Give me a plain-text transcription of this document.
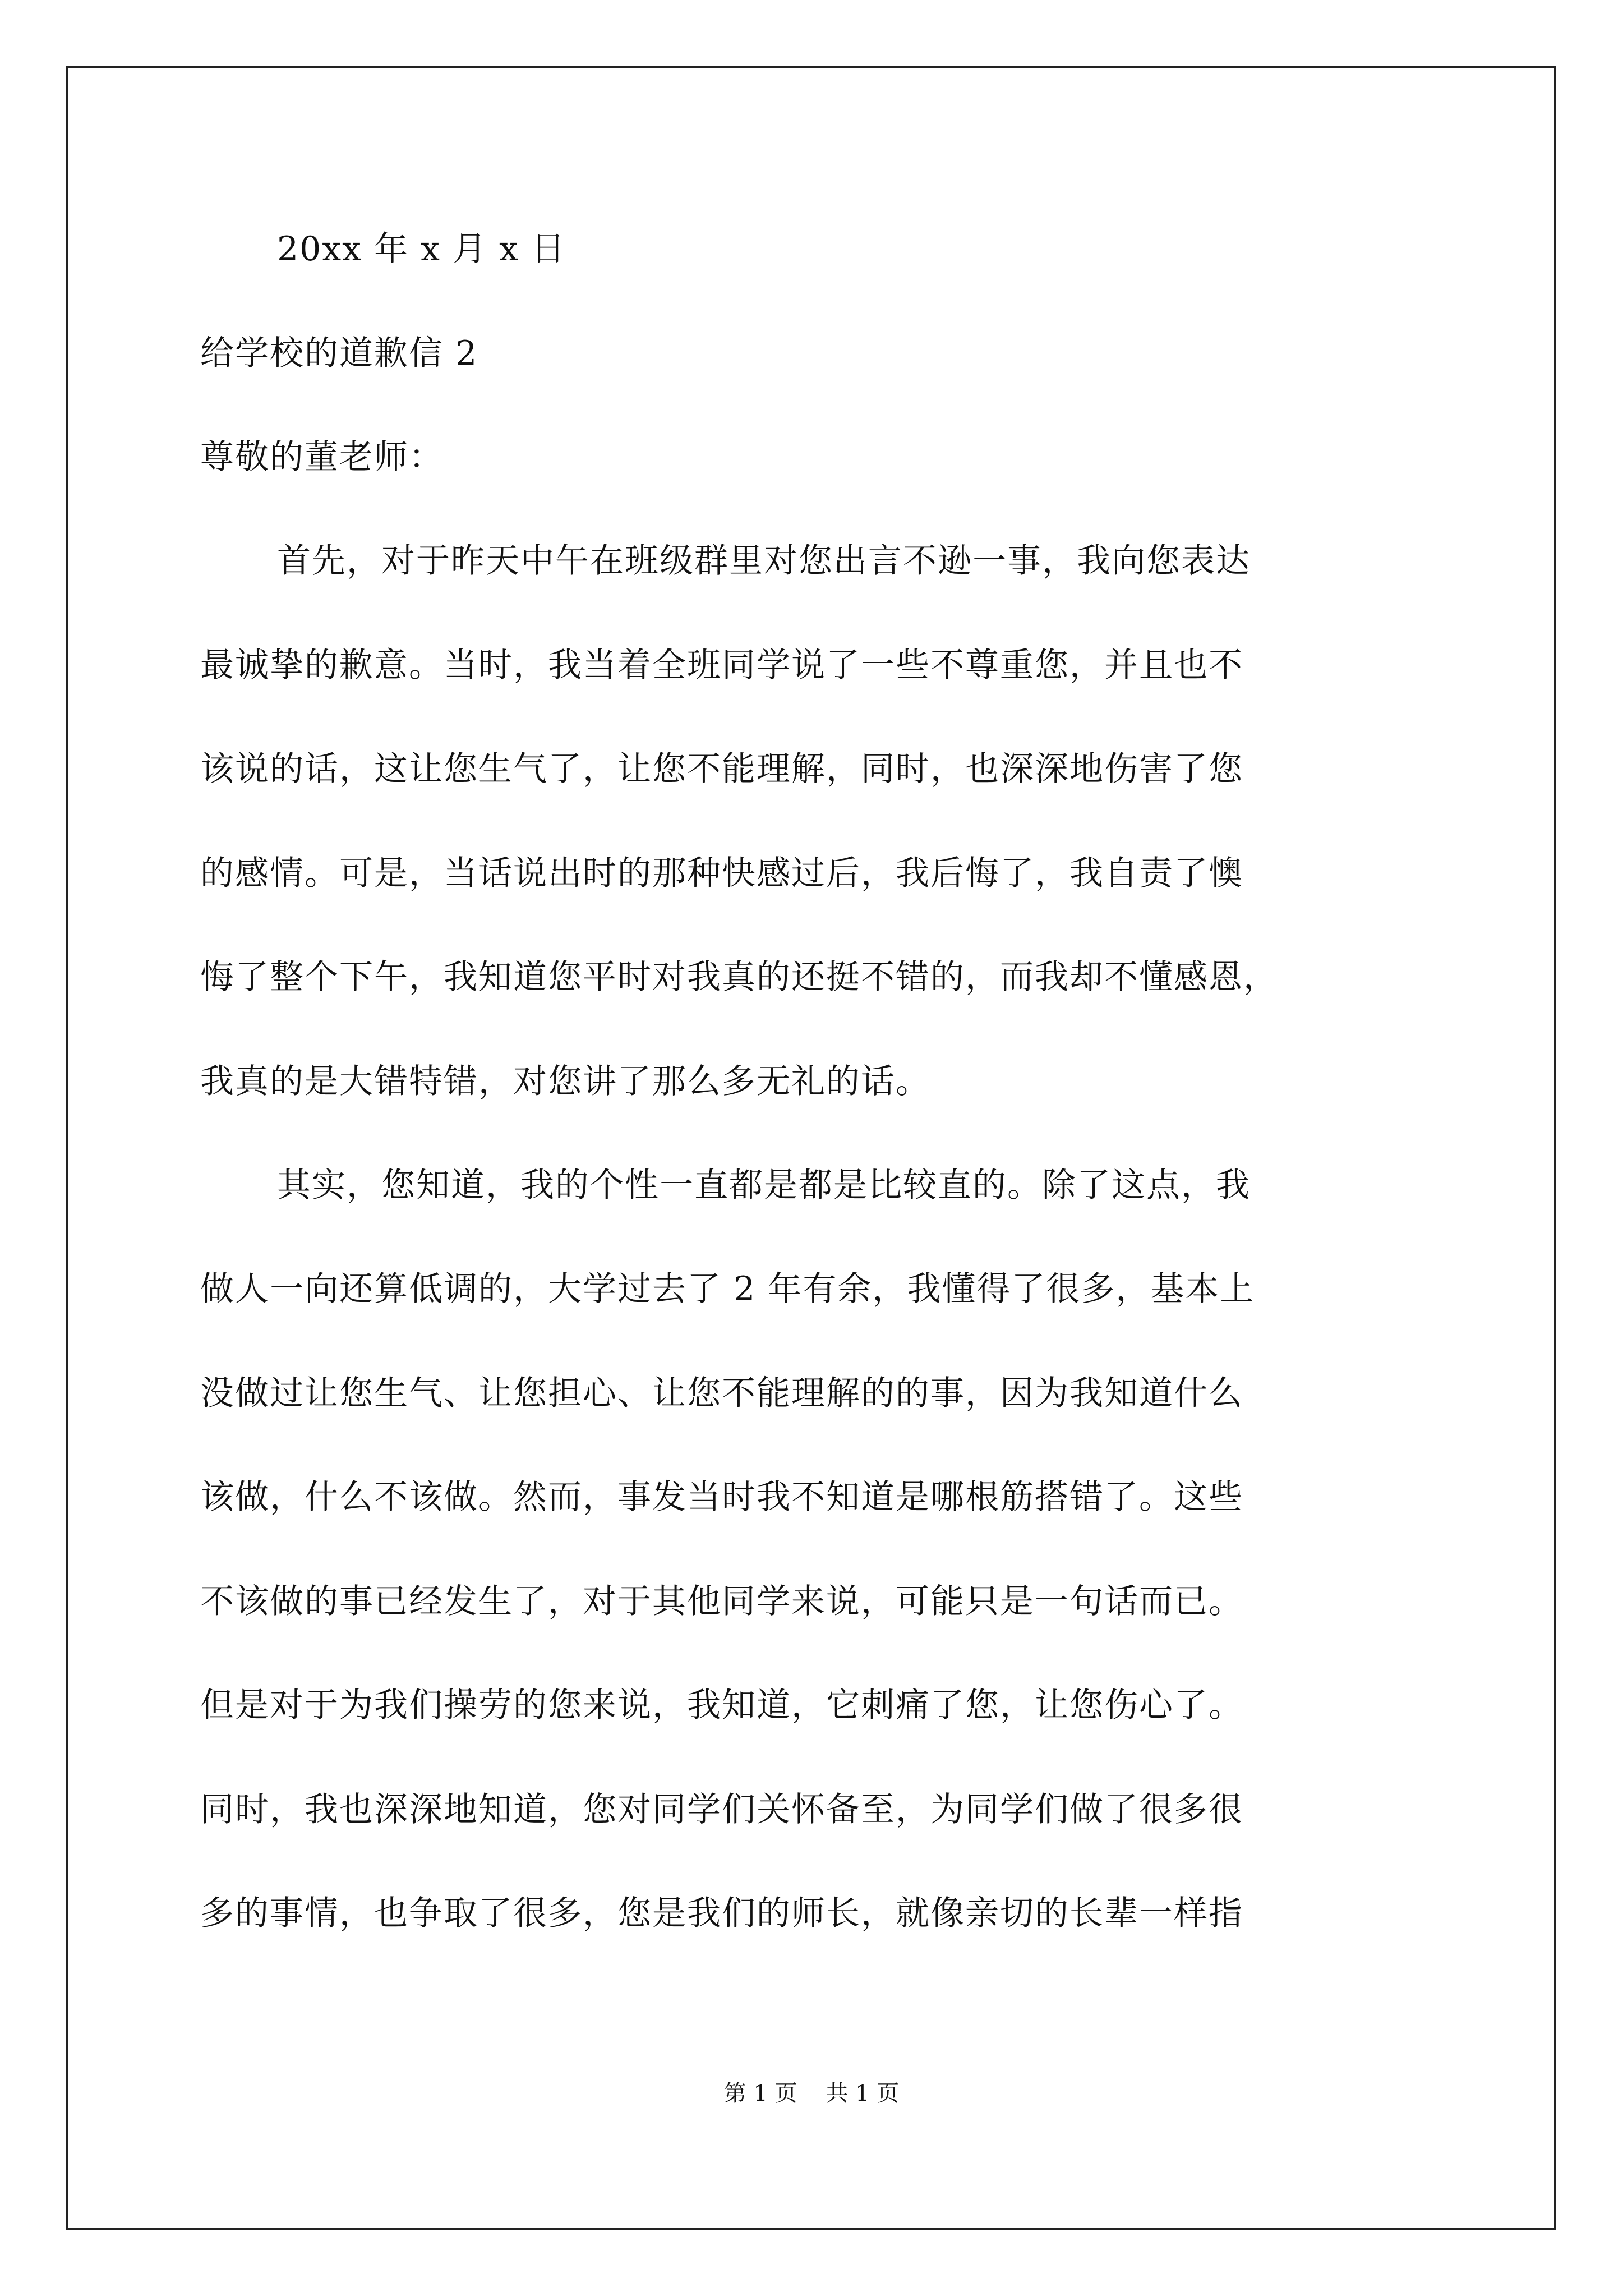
20xx 年 x 月 x 日
给学校的道歉信 2
尊敬的董老师：
首先，对于昨天中午在班级群里对您出言不逊一事，我向您表达
最诚挚的歉意。当时，我当着全班同学说了一些不尊重您，并且也不
该说的话，这让您生气了，让您不能理解，同时，也深深地伤害了您
的感情。可是，当话说出时的那种快感过后，我后悔了，我自责了懊
悔了整个下午，我知道您平时对我真的还挺不错的，而我却不懂感恩，
我真的是大错特错，对您讲了那么多无礼的话。
其实，您知道，我的个性一直都是都是比较直的。除了这点，我
做人一向还算低调的，大学过去了 2 年有余，我懂得了很多，基本上
没做过让您生气、让您担心、让您不能理解的的事，因为我知道什么
该做，什么不该做。然而，事发当时我不知道是哪根筋搭错了。这些
不该做的事已经发生了，对于其他同学来说，可能只是一句话而已。
但是对于为我们操劳的您来说，我知道，它刺痛了您，让您伤心了。
同时，我也深深地知道，您对同学们关怀备至，为同学们做了很多很
多的事情，也争取了很多，您是我们的师长，就像亲切的长辈一样指
第 1 页    共 1 页
